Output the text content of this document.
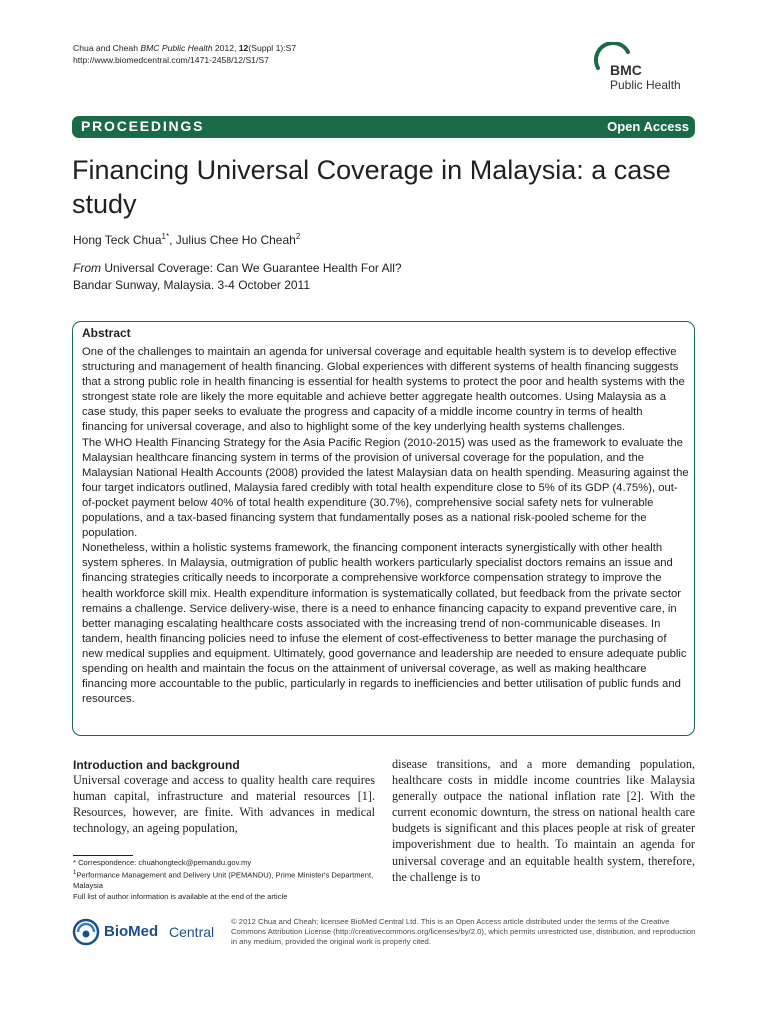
Chua and Cheah BMC Public Health 2012, 12(Suppl 1):S7
http://www.biomedcentral.com/1471-2458/12/S1/S7
BMC
Public Health
PROCEEDINGS	Open Access
Financing Universal Coverage in Malaysia: a case study
Hong Teck Chua$^{1*}$, Julius Chee Ho Cheah$^2$
From Universal Coverage: Can We Guarantee Health For All?
Bandar Sunway, Malaysia. 3-4 October 2011
Abstract

One of the challenges to maintain an agenda for universal coverage and equitable health system is to develop effective structuring and management of health financing. Global experiences with different systems of health financing suggests that a strong public role in health financing is essential for health systems to protect the poor and health systems with the strongest state role are likely the more equitable and achieve better aggregate health outcomes. Using Malaysia as a case study, this paper seeks to evaluate the progress and capacity of a middle income country in terms of health financing for universal coverage, and also to highlight some of the key underlying health systems challenges.

The WHO Health Financing Strategy for the Asia Pacific Region (2010-2015) was used as the framework to evaluate the Malaysian healthcare financing system in terms of the provision of universal coverage for the population, and the Malaysian National Health Accounts (2008) provided the latest Malaysian data on health spending. Measuring against the four target indicators outlined, Malaysia fared credibly with total health expenditure close to 5% of its GDP (4.75%), out-of-pocket payment below 40% of total health expenditure (30.7%), comprehensive social safety nets for vulnerable populations, and a tax-based financing system that fundamentally poses as a national risk-pooled scheme for the population.

Nonetheless, within a holistic systems framework, the financing component interacts synergistically with other health system spheres. In Malaysia, outmigration of public health workers particularly specialist doctors remains an issue and financing strategies critically needs to incorporate a comprehensive workforce compensation strategy to improve the health workforce skill mix. Health expenditure information is systematically collated, but feedback from the private sector remains a challenge. Service delivery-wise, there is a need to enhance financing capacity to expand preventive care, in better managing escalating healthcare costs associated with the increasing trend of non-communicable diseases. In tandem, health financing policies need to infuse the element of cost-effectiveness to better manage the purchasing of new medical supplies and equipment. Ultimately, good governance and leadership are needed to ensure adequate public spending on health and maintain the focus on the attainment of universal coverage, as well as making healthcare financing more accountable to the public, particularly in regards to inefficiencies and better utilisation of public funds and resources.

Introduction and background
Universal coverage and access to quality health care requires human capital, infrastructure and material resources [1]. Resources, however, are finite. With advances in medical technology, an ageing population,
disease transitions, and a more demanding population, healthcare costs in middle income countries like Malaysia generally outpace the national inflation rate [2]. With the current economic downturn, the stress on national health care budgets is significant and this places people at risk of greater impoverishment due to health. To maintain an agenda for universal coverage and an equitable health system, therefore, the challenge is to
* Correspondence: chuahongteck@pemandu.gov.my
$^1$Performance Management and Delivery Unit (PEMANDU), Prime Minister's Department, Malaysia
Full list of author information is available at the end of the article
BioMed Central
© 2012 Chua and Cheah; licensee BioMed Central Ltd. This is an Open Access article distributed under the terms of the Creative Commons Attribution License (http://creativecommons.org/licenses/by/2.0), which permits unrestricted use, distribution, and reproduction in any medium, provided the original work is properly cited.
